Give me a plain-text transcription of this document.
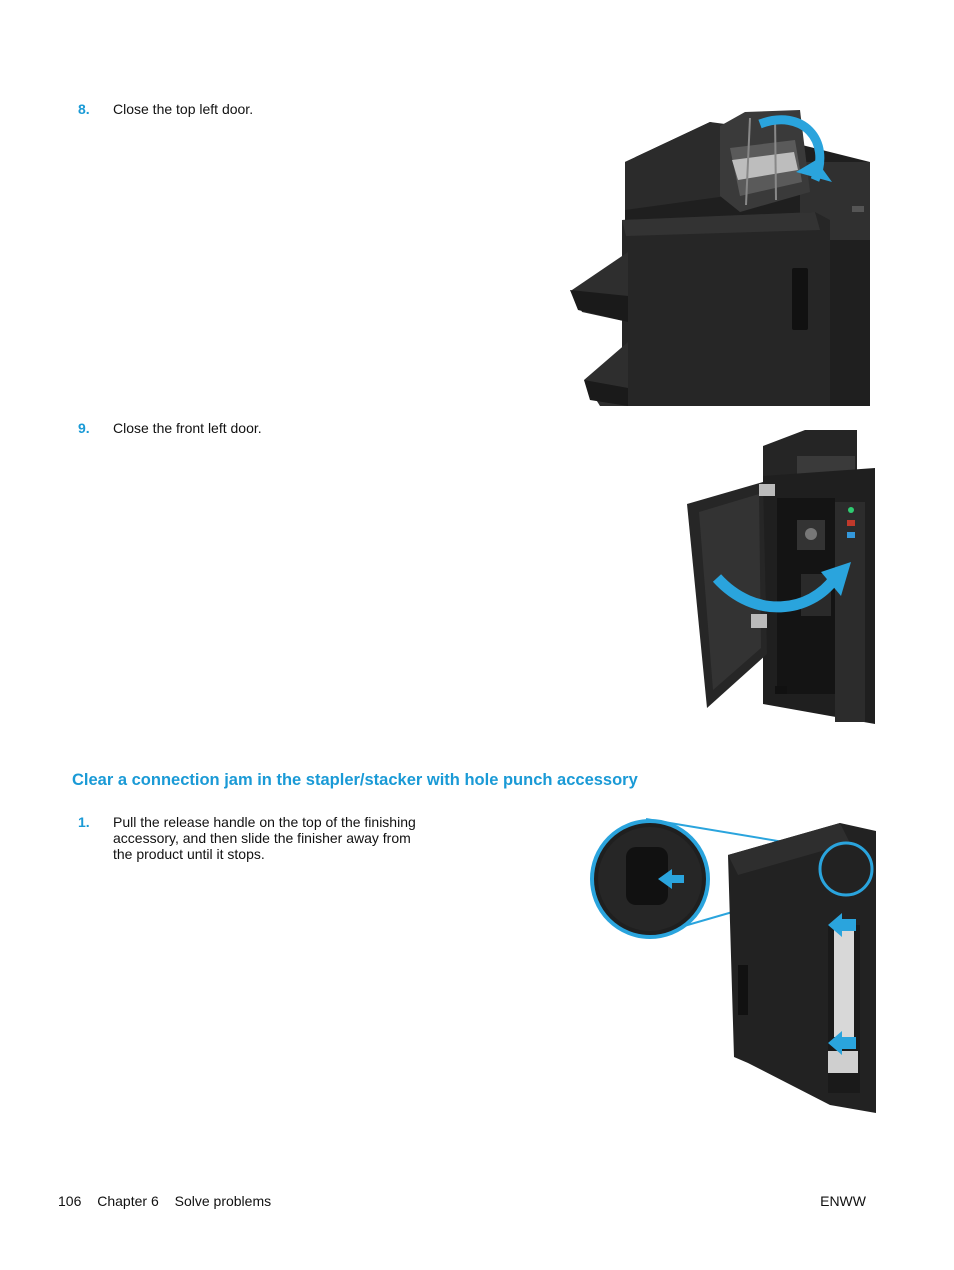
8. Close the top left door.
9. Close the front left door.
Clear a connection jam in the stapler/stacker with hole punch accessory
1. Pull the release handle on the top of the finishing
accessory, and then slide the finisher away from
the product until it stops.
106 Chapter 6 Solve problems	ENWW
